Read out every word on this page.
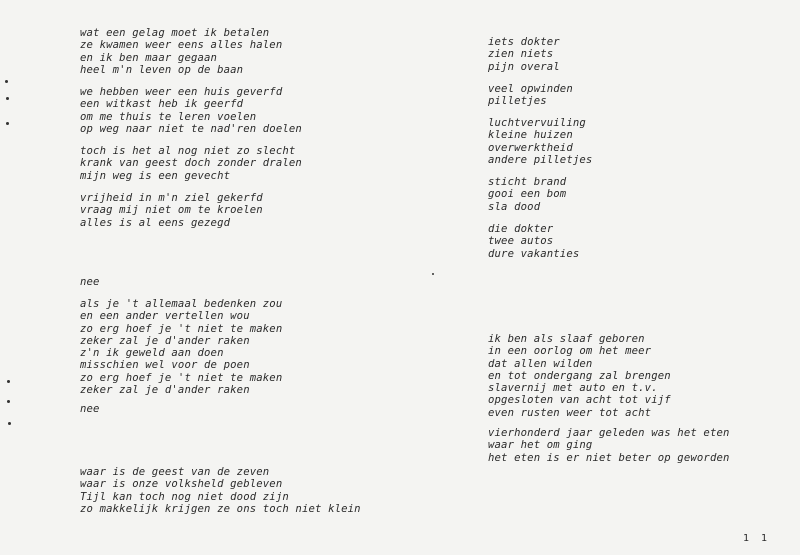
wat een gelag moet ik betalen
ze kwamen weer eens alles halen
en ik ben maar gegaan
heel m'n leven op de baan
we hebben weer een huis geverfd
een witkast heb ik geerfd
om me thuis te leren voelen
op weg naar niet te nad'ren doelen
toch is het al nog niet zo slecht
krank van geest doch zonder dralen
mijn weg is een gevecht
vrijheid in m'n ziel gekerfd
vraag mij niet om te kroelen
alles is al eens gezegd
nee
als je 't allemaal bedenken zou
en een ander vertellen wou
zo erg hoef je 't niet te maken
zeker zal je d'ander raken
z'n ik geweld aan doen
misschien wel voor de poen
zo erg hoef je 't niet te maken
zeker zal je d'ander raken
nee
waar is de geest van de zeven
waar is onze volksheld gebleven
Tijl kan toch nog niet dood zijn
zo makkelijk krijgen ze ons toch niet klein
iets dokter
zien niets
pijn overal
veel opwinden
pilletjes
luchtvervuiling
kleine huizen
overwerktheid
andere pilletjes
sticht brand
gooi een bom
sla dood
die dokter
twee autos
dure vakanties
ik ben als slaaf geboren
in een oorlog om het meer
dat allen wilden
en tot ondergang zal brengen
slavernij met auto en t.v.
opgesloten van acht tot vijf
even rusten weer tot acht
vierhonderd jaar geleden was het eten
waar het om ging
het eten is er niet beter op geworden
1 1
